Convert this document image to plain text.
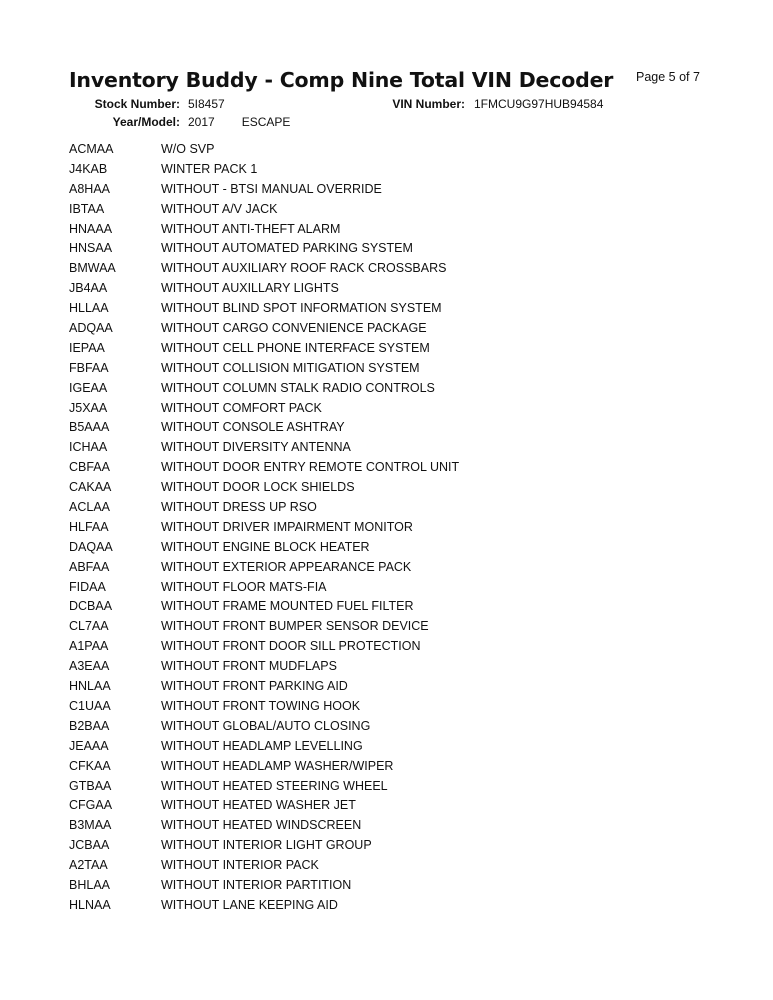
Inventory Buddy - Comp Nine Total VIN Decoder Page 5 of 7
Stock Number: 5I8457	VIN Number: 1FMCU9G97HUB94584
Year/Model: 2017 ESCAPE
ACMAA	W/O SVP
J4KAB	WINTER PACK 1
A8HAA	WITHOUT - BTSI MANUAL OVERRIDE
IBTAA	WITHOUT A/V JACK
HNAAA	WITHOUT ANTI-THEFT ALARM
HNSAA	WITHOUT AUTOMATED PARKING SYSTEM
BMWAA	WITHOUT AUXILIARY ROOF RACK CROSSBARS
JB4AA	WITHOUT AUXILLARY LIGHTS
HLLAA	WITHOUT BLIND SPOT INFORMATION SYSTEM
ADQAA	WITHOUT CARGO CONVENIENCE PACKAGE
IEPAA	WITHOUT CELL PHONE INTERFACE SYSTEM
FBFAA	WITHOUT COLLISION MITIGATION SYSTEM
IGEAA	WITHOUT COLUMN STALK RADIO CONTROLS
J5XAA	WITHOUT COMFORT PACK
B5AAA	WITHOUT CONSOLE ASHTRAY
ICHAA	WITHOUT DIVERSITY ANTENNA
CBFAA	WITHOUT DOOR ENTRY REMOTE CONTROL UNIT
CAKAA	WITHOUT DOOR LOCK SHIELDS
ACLAA	WITHOUT DRESS UP RSO
HLFAA	WITHOUT DRIVER IMPAIRMENT MONITOR
DAQAA	WITHOUT ENGINE BLOCK HEATER
ABFAA	WITHOUT EXTERIOR APPEARANCE PACK
FIDAA	WITHOUT FLOOR MATS-FIA
DCBAA	WITHOUT FRAME MOUNTED FUEL FILTER
CL7AA	WITHOUT FRONT BUMPER SENSOR DEVICE
A1PAA	WITHOUT FRONT DOOR SILL PROTECTION
A3EAA	WITHOUT FRONT MUDFLAPS
HNLAA	WITHOUT FRONT PARKING AID
C1UAA	WITHOUT FRONT TOWING HOOK
B2BAA	WITHOUT GLOBAL/AUTO CLOSING
JEAAA	WITHOUT HEADLAMP LEVELLING
CFKAA	WITHOUT HEADLAMP WASHER/WIPER
GTBAA	WITHOUT HEATED STEERING WHEEL
CFGAA	WITHOUT HEATED WASHER JET
B3MAA	WITHOUT HEATED WINDSCREEN
JCBAA	WITHOUT INTERIOR LIGHT GROUP
A2TAA	WITHOUT INTERIOR PACK
BHLAA	WITHOUT INTERIOR PARTITION
HLNAA	WITHOUT LANE KEEPING AID
